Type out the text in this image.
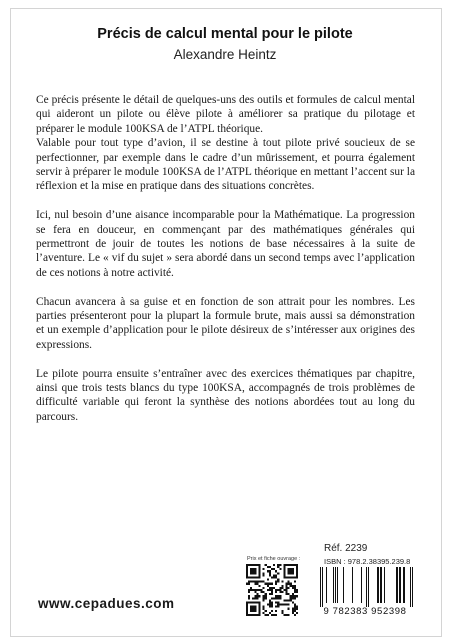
Précis de calcul mental pour le pilote
Alexandre Heintz

Ce précis présente le détail de quelques-uns des outils et formules de calcul mental qui aideront un pilote ou élève pilote à améliorer sa pratique du pilotage et préparer le module 100KSA de l’ATPL théorique.

Valable pour tout type d’avion, il se destine à tout pilote privé soucieux de se perfectionner, par exemple dans le cadre d’un mûrissement, et pourra également servir à préparer le module 100KSA de l’ATPL théorique en mettant l’accent sur la réflexion et la mise en pratique dans des situations concrètes.

Ici, nul besoin d’une aisance incomparable pour la Mathématique. La progression se fera en douceur, en commençant par des mathématiques générales qui permettront de jouir de toutes les notions de base nécessaires à la suite de l’aventure. Le « vif du sujet » sera abordé dans un second temps avec l’application de ces notions à notre activité.

Chacun avancera à sa guise et en fonction de son attrait pour les nombres. Les parties présenteront pour la plupart la formule brute, mais aussi sa démonstration et un exemple d’application pour le pilote désireux de s’intéresser aux origines des expressions.

Le pilote pourra ensuite s’entraîner avec des exercices thématiques par chapitre, ainsi que trois tests blancs du type 100KSA, accompagnés de trois problèmes de difficulté variable qui feront la synthèse des notions abordées tout au long du parcours.

www.cepadues.com
Prix et fiche ouvrage :
Réf. 2239
ISBN : 978.2.38395.239.8
9 782383 952398
